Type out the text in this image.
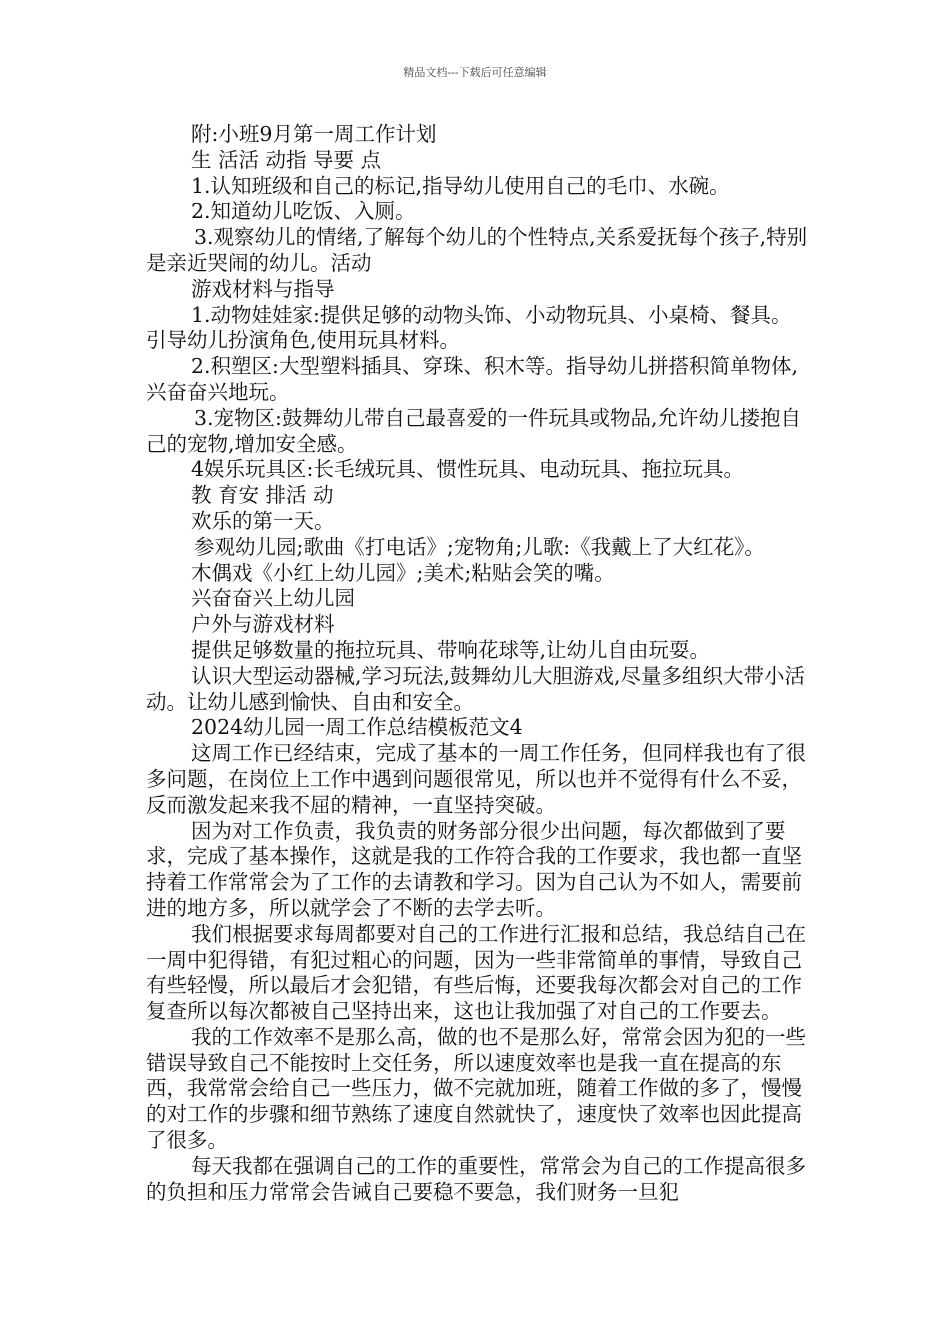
精品文档---下载后可任意编辑

附:小班9月第一周工作计划

生 活活 动指 导要 点

1.认知班级和自己的标记,指导幼儿使用自己的毛巾、水碗。

2.知道幼儿吃饭、入厕。

3.观察幼儿的情绪,了解每个幼儿的个性特点,关系爱抚每个孩子,特别是亲近哭闹的幼儿。活动

游戏材料与指导

1.动物娃娃家:提供足够的动物头饰、小动物玩具、小桌椅、餐具。引导幼儿扮演角色,使用玩具材料。

2.积塑区:大型塑料插具、穿珠、积木等。指导幼儿拼搭积简单物体,兴奋奋兴地玩。

3.宠物区:鼓舞幼儿带自己最喜爱的一件玩具或物品,允许幼儿搂抱自己的宠物,增加安全感。

4娱乐玩具区:长毛绒玩具、惯性玩具、电动玩具、拖拉玩具。

教 育安 排活 动

欢乐的第一天。

参观幼儿园;歌曲《打电话》;宠物角;儿歌:《我戴上了大红花》。

木偶戏《小红上幼儿园》;美术;粘贴会笑的嘴。

兴奋奋兴上幼儿园

户外与游戏材料

提供足够数量的拖拉玩具、带响花球等,让幼儿自由玩耍。

认识大型运动器械,学习玩法,鼓舞幼儿大胆游戏,尽量多组织大带小活动。让幼儿感到愉快、自由和安全。

2024幼儿园一周工作总结模板范文4

这周工作已经结束，完成了基本的一周工作任务，但同样我也有了很多问题，在岗位上工作中遇到问题很常见，所以也并不觉得有什么不妥，反而激发起来我不屈的精神，一直坚持突破。

因为对工作负责，我负责的财务部分很少出问题，每次都做到了要求，完成了基本操作，这就是我的工作符合我的工作要求，我也都一直坚持着工作常常会为了工作的去请教和学习。因为自己认为不如人，需要前进的地方多，所以就学会了不断的去学去听。

我们根据要求每周都要对自己的工作进行汇报和总结，我总结自己在一周中犯得错，有犯过粗心的问题，因为一些非常简单的事情，导致自己有些轻慢，所以最后才会犯错，有些后悔，还要我每次都会对自己的工作复查所以每次都被自己坚持出来，这也让我加强了对自己的工作要去。

我的工作效率不是那么高，做的也不是那么好，常常会因为犯的一些错误导致自己不能按时上交任务，所以速度效率也是我一直在提高的东西，我常常会给自己一些压力，做不完就加班，随着工作做的多了，慢慢的对工作的步骤和细节熟练了速度自然就快了，速度快了效率也因此提高了很多。

每天我都在强调自己的工作的重要性，常常会为自己的工作提高很多的负担和压力常常会告诫自己要稳不要急，我们财务一旦犯
